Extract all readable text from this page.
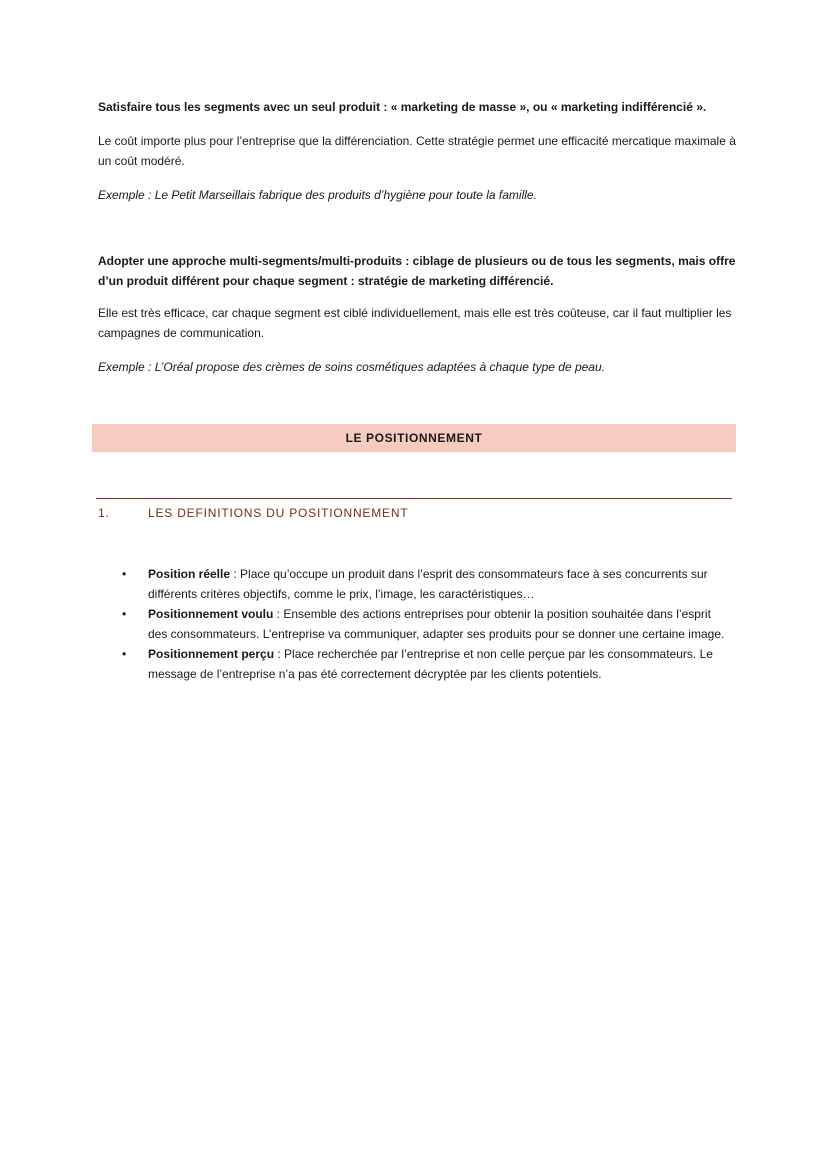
Satisfaire tous les segments avec un seul produit : « marketing de masse », ou « marketing indifférencié ».
Le coût importe plus pour l’entreprise que la différenciation. Cette stratégie permet une efficacité mercatique maximale à un coût modéré.
Exemple : Le Petit Marseillais fabrique des produits d’hygiène pour toute la famille.
Adopter une approche multi-segments/multi-produits : ciblage de plusieurs ou de tous les segments, mais offre d’un produit différent pour chaque segment : stratégie de marketing différencié.
Elle est très efficace, car chaque segment est ciblé individuellement, mais elle est très coûteuse, car il faut multiplier les campagnes de communication.
Exemple : L’Oréal propose des crèmes de soins cosmétiques adaptées à chaque type de peau.
LE POSITIONNEMENT
1.	LES DEFINITIONS DU POSITIONNEMENT
• Position réelle : Place qu’occupe un produit dans l’esprit des consommateurs face à ses concurrents sur différents critères objectifs, comme le prix, l’image, les caractéristiques…
• Positionnement voulu : Ensemble des actions entreprises pour obtenir la position souhaitée dans l’esprit des consommateurs. L’entreprise va communiquer, adapter ses produits pour se donner une certaine image.
• Positionnement perçu : Place recherchée par l’entreprise et non celle perçue par les consommateurs. Le message de l’entreprise n’a pas été correctement décryptée par les clients potentiels.
